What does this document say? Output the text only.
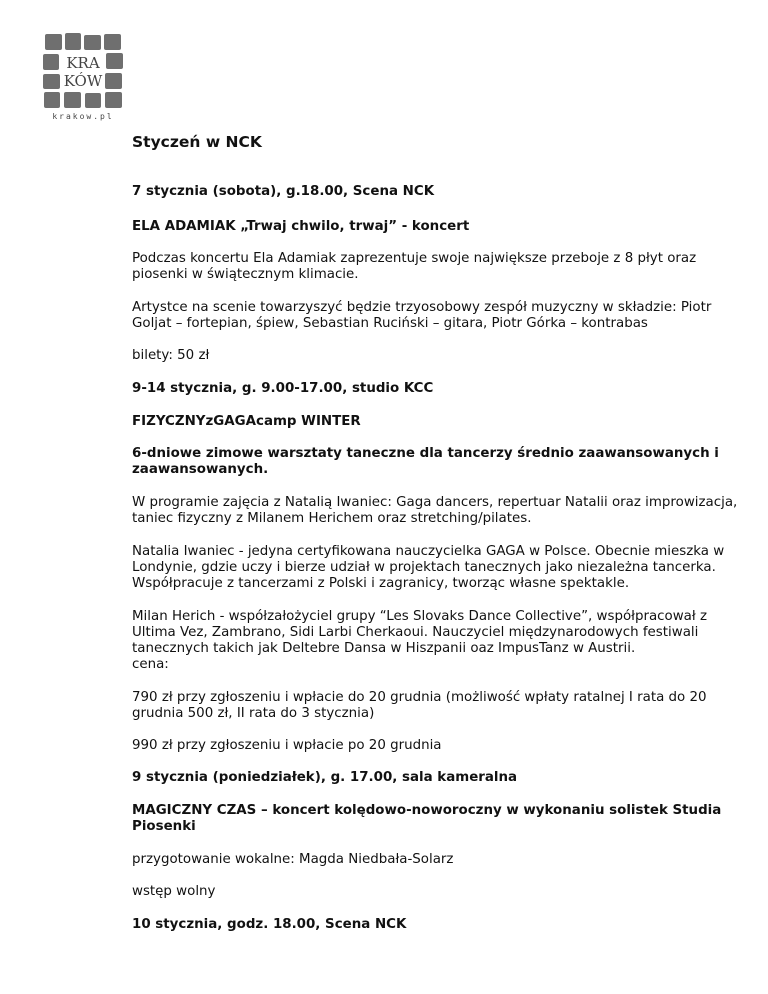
KRA
KÓW
krakow.pl

Styczeń w NCK

7 stycznia (sobota), g.18.00, Scena NCK

ELA ADAMIAK „Trwaj chwilo, trwaj” - koncert

Podczas koncertu Ela Adamiak zaprezentuje swoje największe przeboje z 8 płyt oraz piosenki w świątecznym klimacie.

Artystce na scenie towarzyszyć będzie trzyosobowy zespół muzyczny w składzie: Piotr Goljat – fortepian, śpiew, Sebastian Ruciński – gitara, Piotr Górka – kontrabas

bilety: 50 zł

9-14 stycznia, g. 9.00-17.00, studio KCC

FIZYCZNYzGAGAcamp WINTER

6-dniowe zimowe warsztaty taneczne dla tancerzy średnio zaawansowanych i zaawansowanych.

W programie zajęcia z Natalią Iwaniec: Gaga dancers, repertuar Natalii oraz improwizacja, taniec fizyczny z Milanem Herichem oraz stretching/pilates.

Natalia Iwaniec - jedyna certyfikowana nauczycielka GAGA w Polsce. Obecnie mieszka w Londynie, gdzie uczy i bierze udział w projektach tanecznych jako niezależna tancerka. Współpracuje z tancerzami z Polski i zagranicy, tworząc własne spektakle.

Milan Herich - współzałożyciel grupy “Les Slovaks Dance Collective”, współpracował z Ultima Vez, Zambrano, Sidi Larbi Cherkaoui. Nauczyciel międzynarodowych festiwali tanecznych takich jak Deltebre Dansa w Hiszpanii oaz ImpusTanz w Austrii.

cena:

790 zł przy zgłoszeniu i wpłacie do 20 grudnia (możliwość wpłaty ratalnej I rata do 20 grudnia 500 zł, II rata do 3 stycznia)

990 zł przy zgłoszeniu i wpłacie po 20 grudnia

9 stycznia (poniedziałek), g. 17.00, sala kameralna

MAGICZNY CZAS – koncert kolędowo-noworoczny w wykonaniu solistek Studia Piosenki

przygotowanie wokalne: Magda Niedbała-Solarz

wstęp wolny

10 stycznia, godz. 18.00, Scena NCK
